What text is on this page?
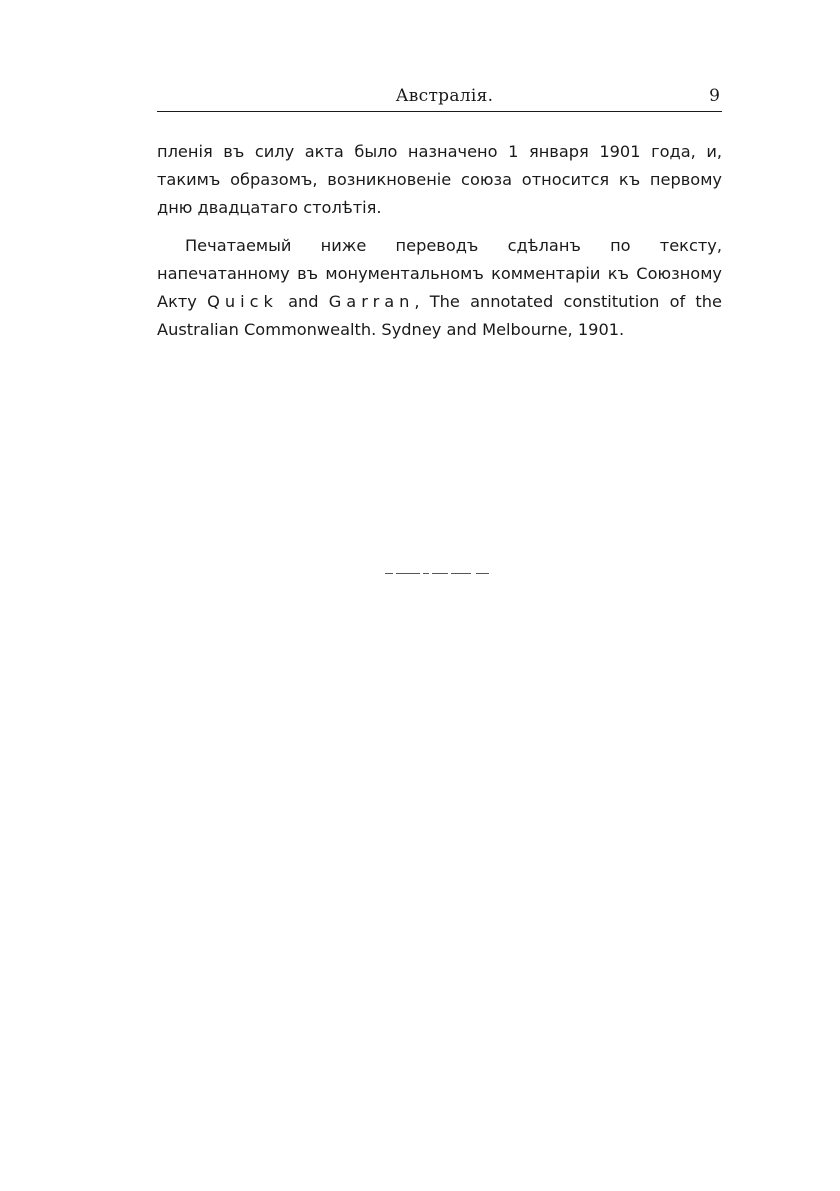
Австралія.	9

пленія въ силу акта было назначено 1 января 1901 года, и, такимъ образомъ, возникновеніе союза относится къ первому дню двадцатаго столѣтія.

Печатаемый ниже переводъ сдѣланъ по тексту, напечатанному въ монументальномъ комментаріи къ Союзному Акту Quick and Garran, The annotated constitution of the Australian Commonwealth. Sydney and Melbourne, 1901.
